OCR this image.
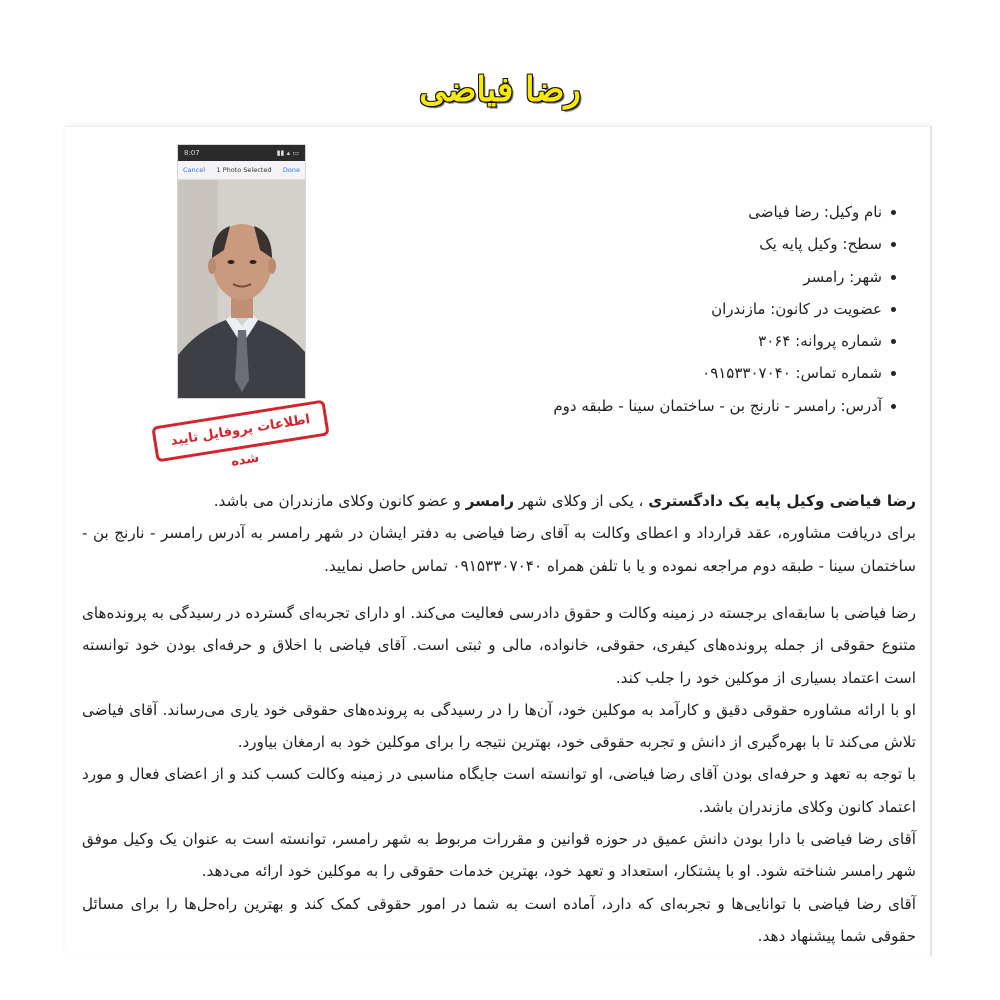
رضا فیاضی
8:07	▮▮ ▴ ▭
Cancel 1 Photo Selected Done
اطلاعات پروفایل تایید شده
نام وکیل: رضا فیاضی
سطح: وکیل پایه یک
شهر: رامسر
عضویت در کانون: مازندران
شماره پروانه: ۳۰۶۴
شماره تماس: ۰۹۱۵۳۳۰۷۰۴۰
آدرس: رامسر - نارنج بن - ساختمان سینا - طبقه دوم

رضا فیاضی وکیل پایه یک دادگستری ، یکی از وکلای شهر رامسر و عضو کانون وکلای مازندران می باشد.
برای دریافت مشاوره، عقد قرارداد و اعطای وکالت به آقای رضا فیاضی به دفتر ایشان در شهر رامسر به آدرس رامسر - نارنج بن - ساختمان سینا - طبقه دوم مراجعه نموده و یا با تلفن همراه ۰۹۱۵۳۳۰۷۰۴۰ تماس حاصل نمایید.

رضا فیاضی با سابقه‌ای برجسته در زمینه وکالت و حقوق دادرسی فعالیت می‌کند. او دارای تجربه‌ای گسترده در رسیدگی به پرونده‌های متنوع حقوقی از جمله پرونده‌های کیفری، حقوقی، خانواده، مالی و ثبتی است. آقای فیاضی با اخلاق و حرفه‌ای بودن خود توانسته است اعتماد بسیاری از موکلین خود را جلب کند.
او با ارائه مشاوره حقوقی دقیق و کارآمد به موکلین خود، آن‌ها را در رسیدگی به پرونده‌های حقوقی خود یاری می‌رساند. آقای فیاضی تلاش می‌کند تا با بهره‌گیری از دانش و تجربه حقوقی خود، بهترین نتیجه را برای موکلین خود به ارمغان بیاورد.
با توجه به تعهد و حرفه‌ای بودن آقای رضا فیاضی، او توانسته است جایگاه مناسبی در زمینه وکالت کسب کند و از اعضای فعال و مورد اعتماد کانون وکلای مازندران باشد.
آقای رضا فیاضی با دارا بودن دانش عمیق در حوزه قوانین و مقررات مربوط به شهر رامسر، توانسته است به عنوان یک وکیل موفق شهر رامسر شناخته شود. او با پشتکار، استعداد و تعهد خود، بهترین خدمات حقوقی را به موکلین خود ارائه می‌دهد.
آقای رضا فیاضی با توانایی‌ها و تجربه‌ای که دارد، آماده است به شما در امور حقوقی کمک کند و بهترین راه‌حل‌ها را برای مسائل حقوقی شما پیشنهاد دهد.
